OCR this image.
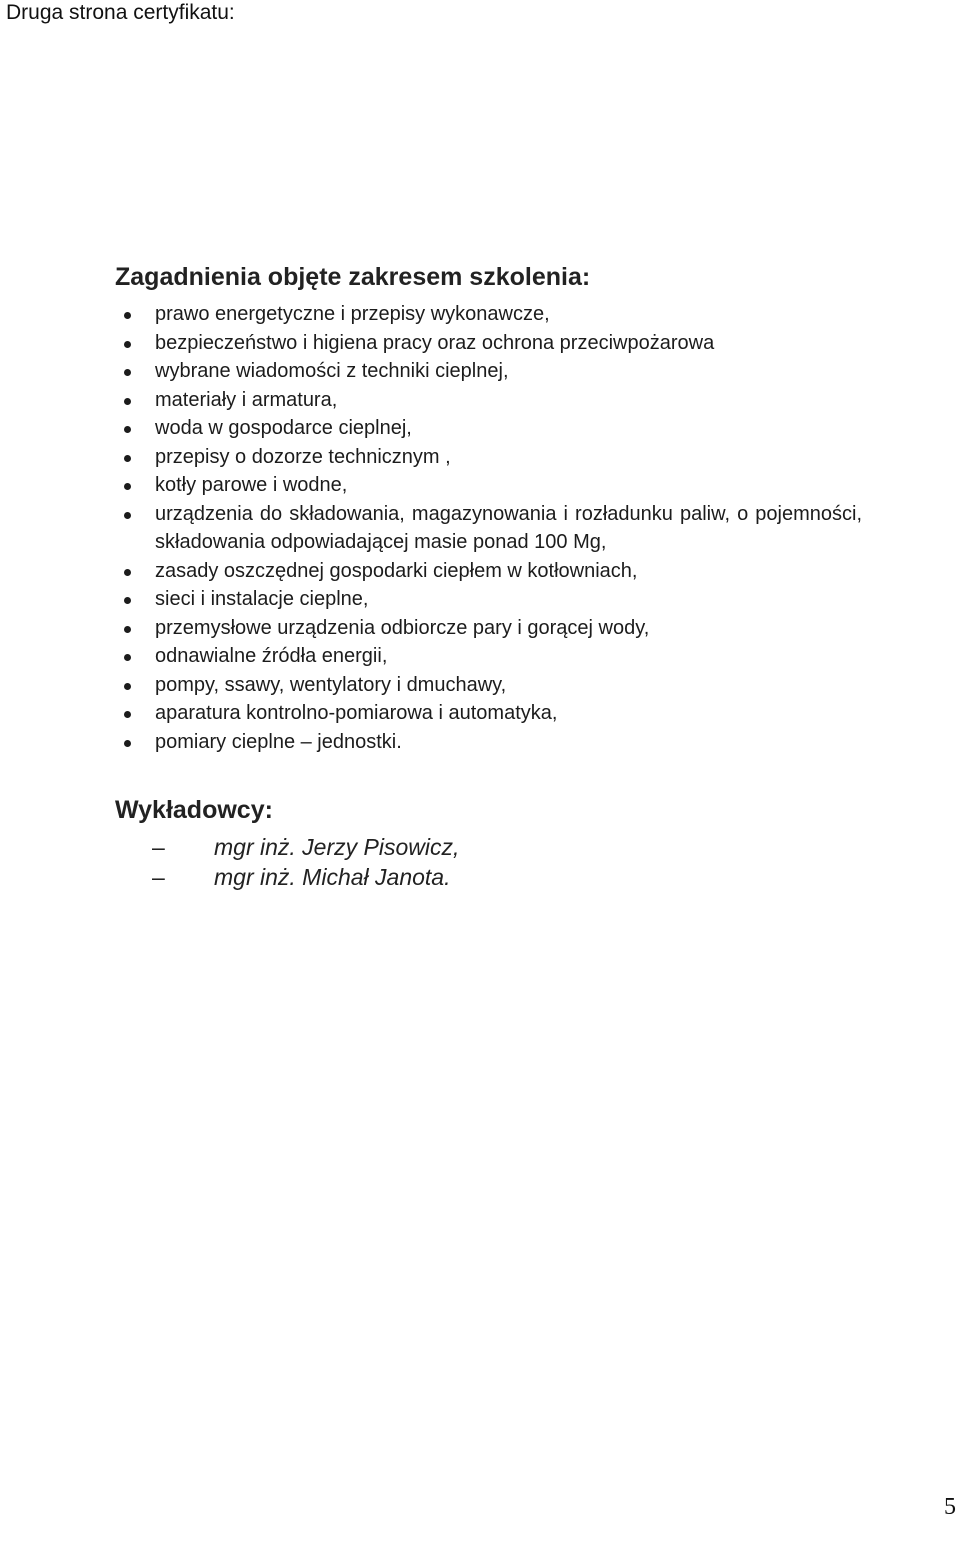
Druga strona certyfikatu:
Zagadnienia objęte zakresem szkolenia:
prawo energetyczne i przepisy wykonawcze,
bezpieczeństwo i higiena pracy oraz ochrona przeciwpożarowa
wybrane wiadomości z techniki cieplnej,
materiały i armatura,
woda w gospodarce cieplnej,
przepisy o dozorze technicznym ,
kotły parowe i wodne,
urządzenia do składowania, magazynowania i rozładunku paliw, o pojemności, składowania odpowiadającej masie ponad 100 Mg,
zasady oszczędnej gospodarki ciepłem w kotłowniach,
sieci i instalacje cieplne,
przemysłowe urządzenia odbiorcze pary i gorącej wody,
odnawialne źródła energii,
pompy, ssawy, wentylatory i dmuchawy,
aparatura kontrolno-pomiarowa i automatyka,
pomiary cieplne – jednostki.
Wykładowcy:
–	mgr inż. Jerzy Pisowicz,
–	mgr inż. Michał Janota.
5
